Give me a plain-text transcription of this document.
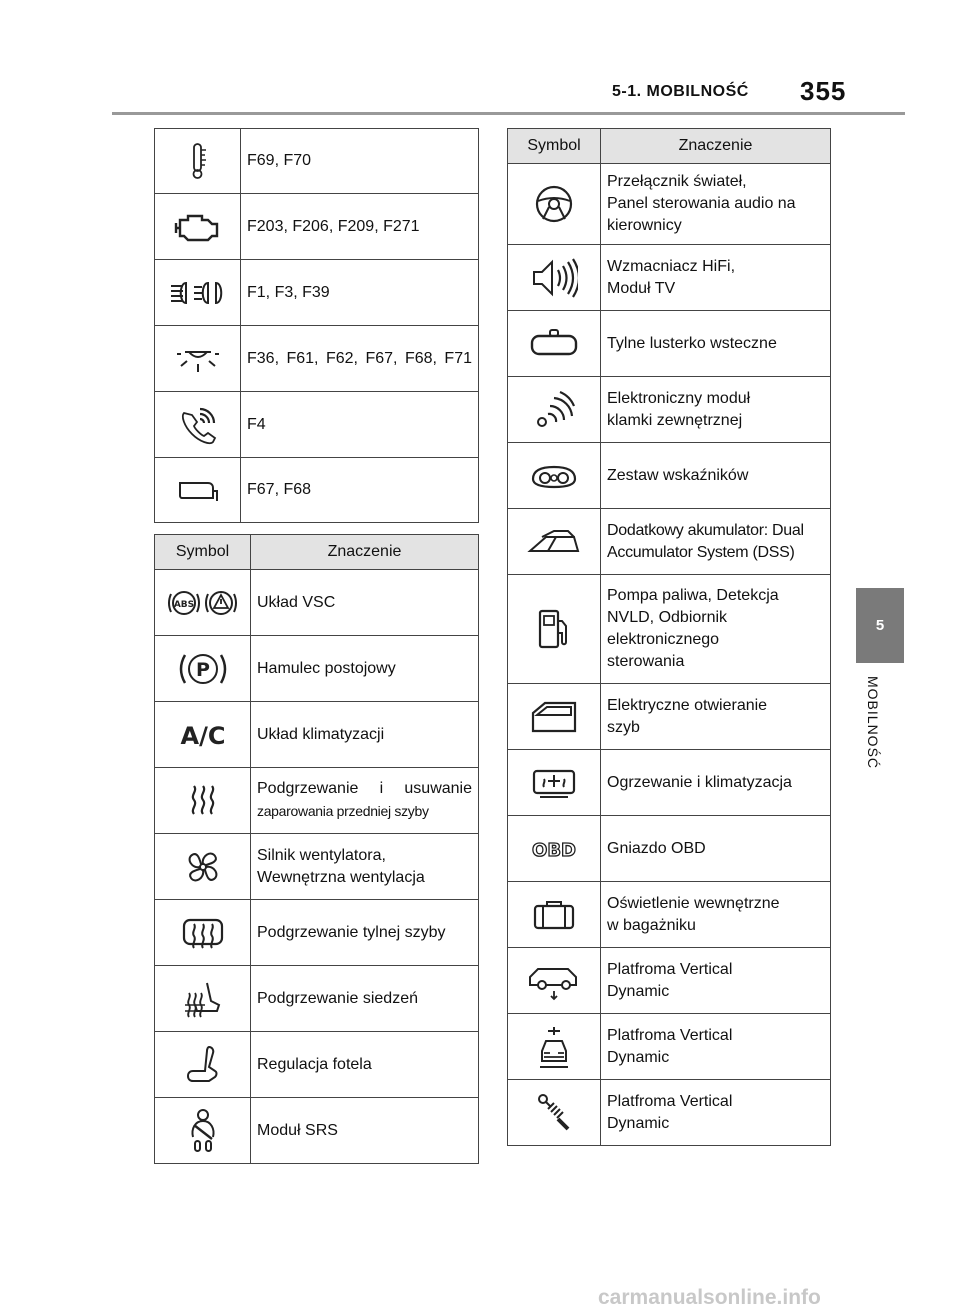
5-1. MOBILNOŚĆ 355
5
MOBILNOŚĆ
	F69, F70
	F203, F206, F209, F271
	F1, F3, F39

F36, F61, F62, F67, F68, F71

	F4
	F67, F68
Symbol	Znaczenie

ABS	Układ VSC

P	Hamulec postojowy

A/C	Układ klimatyzacji

Podgrzewanie i usuwanie
zaparowania przedniej szyby

Silnik wentylatora,
Wewnętrzna wentylacja

	Podgrzewanie tylnej szyby
	Podgrzewanie siedzeń
	Regulacja fotela
	Moduł SRS
Symbol	Znaczenie

Przełącznik świateł,
Panel sterowania audio na
kierownicy

Wzmacniacz HiFi,
Moduł TV

	Tylne lusterko wsteczne

Elektroniczny moduł
klamki zewnętrznej

	Zestaw wskaźników

Dodatkowy akumulator: Dual
Accumulator System (DSS)

Pompa paliwa, Detekcja
NVLD, Odbiornik
elektronicznego
sterowania

Elektryczne otwieranie
szyb

	Ogrzewanie i klimatyzacja

OBD	Gniazdo OBD

Oświetlenie wewnętrzne
w bagażniku

Platfroma Vertical
Dynamic

Platfroma Vertical
Dynamic

Platfroma Vertical
Dynamic
carmanualsonline.info
